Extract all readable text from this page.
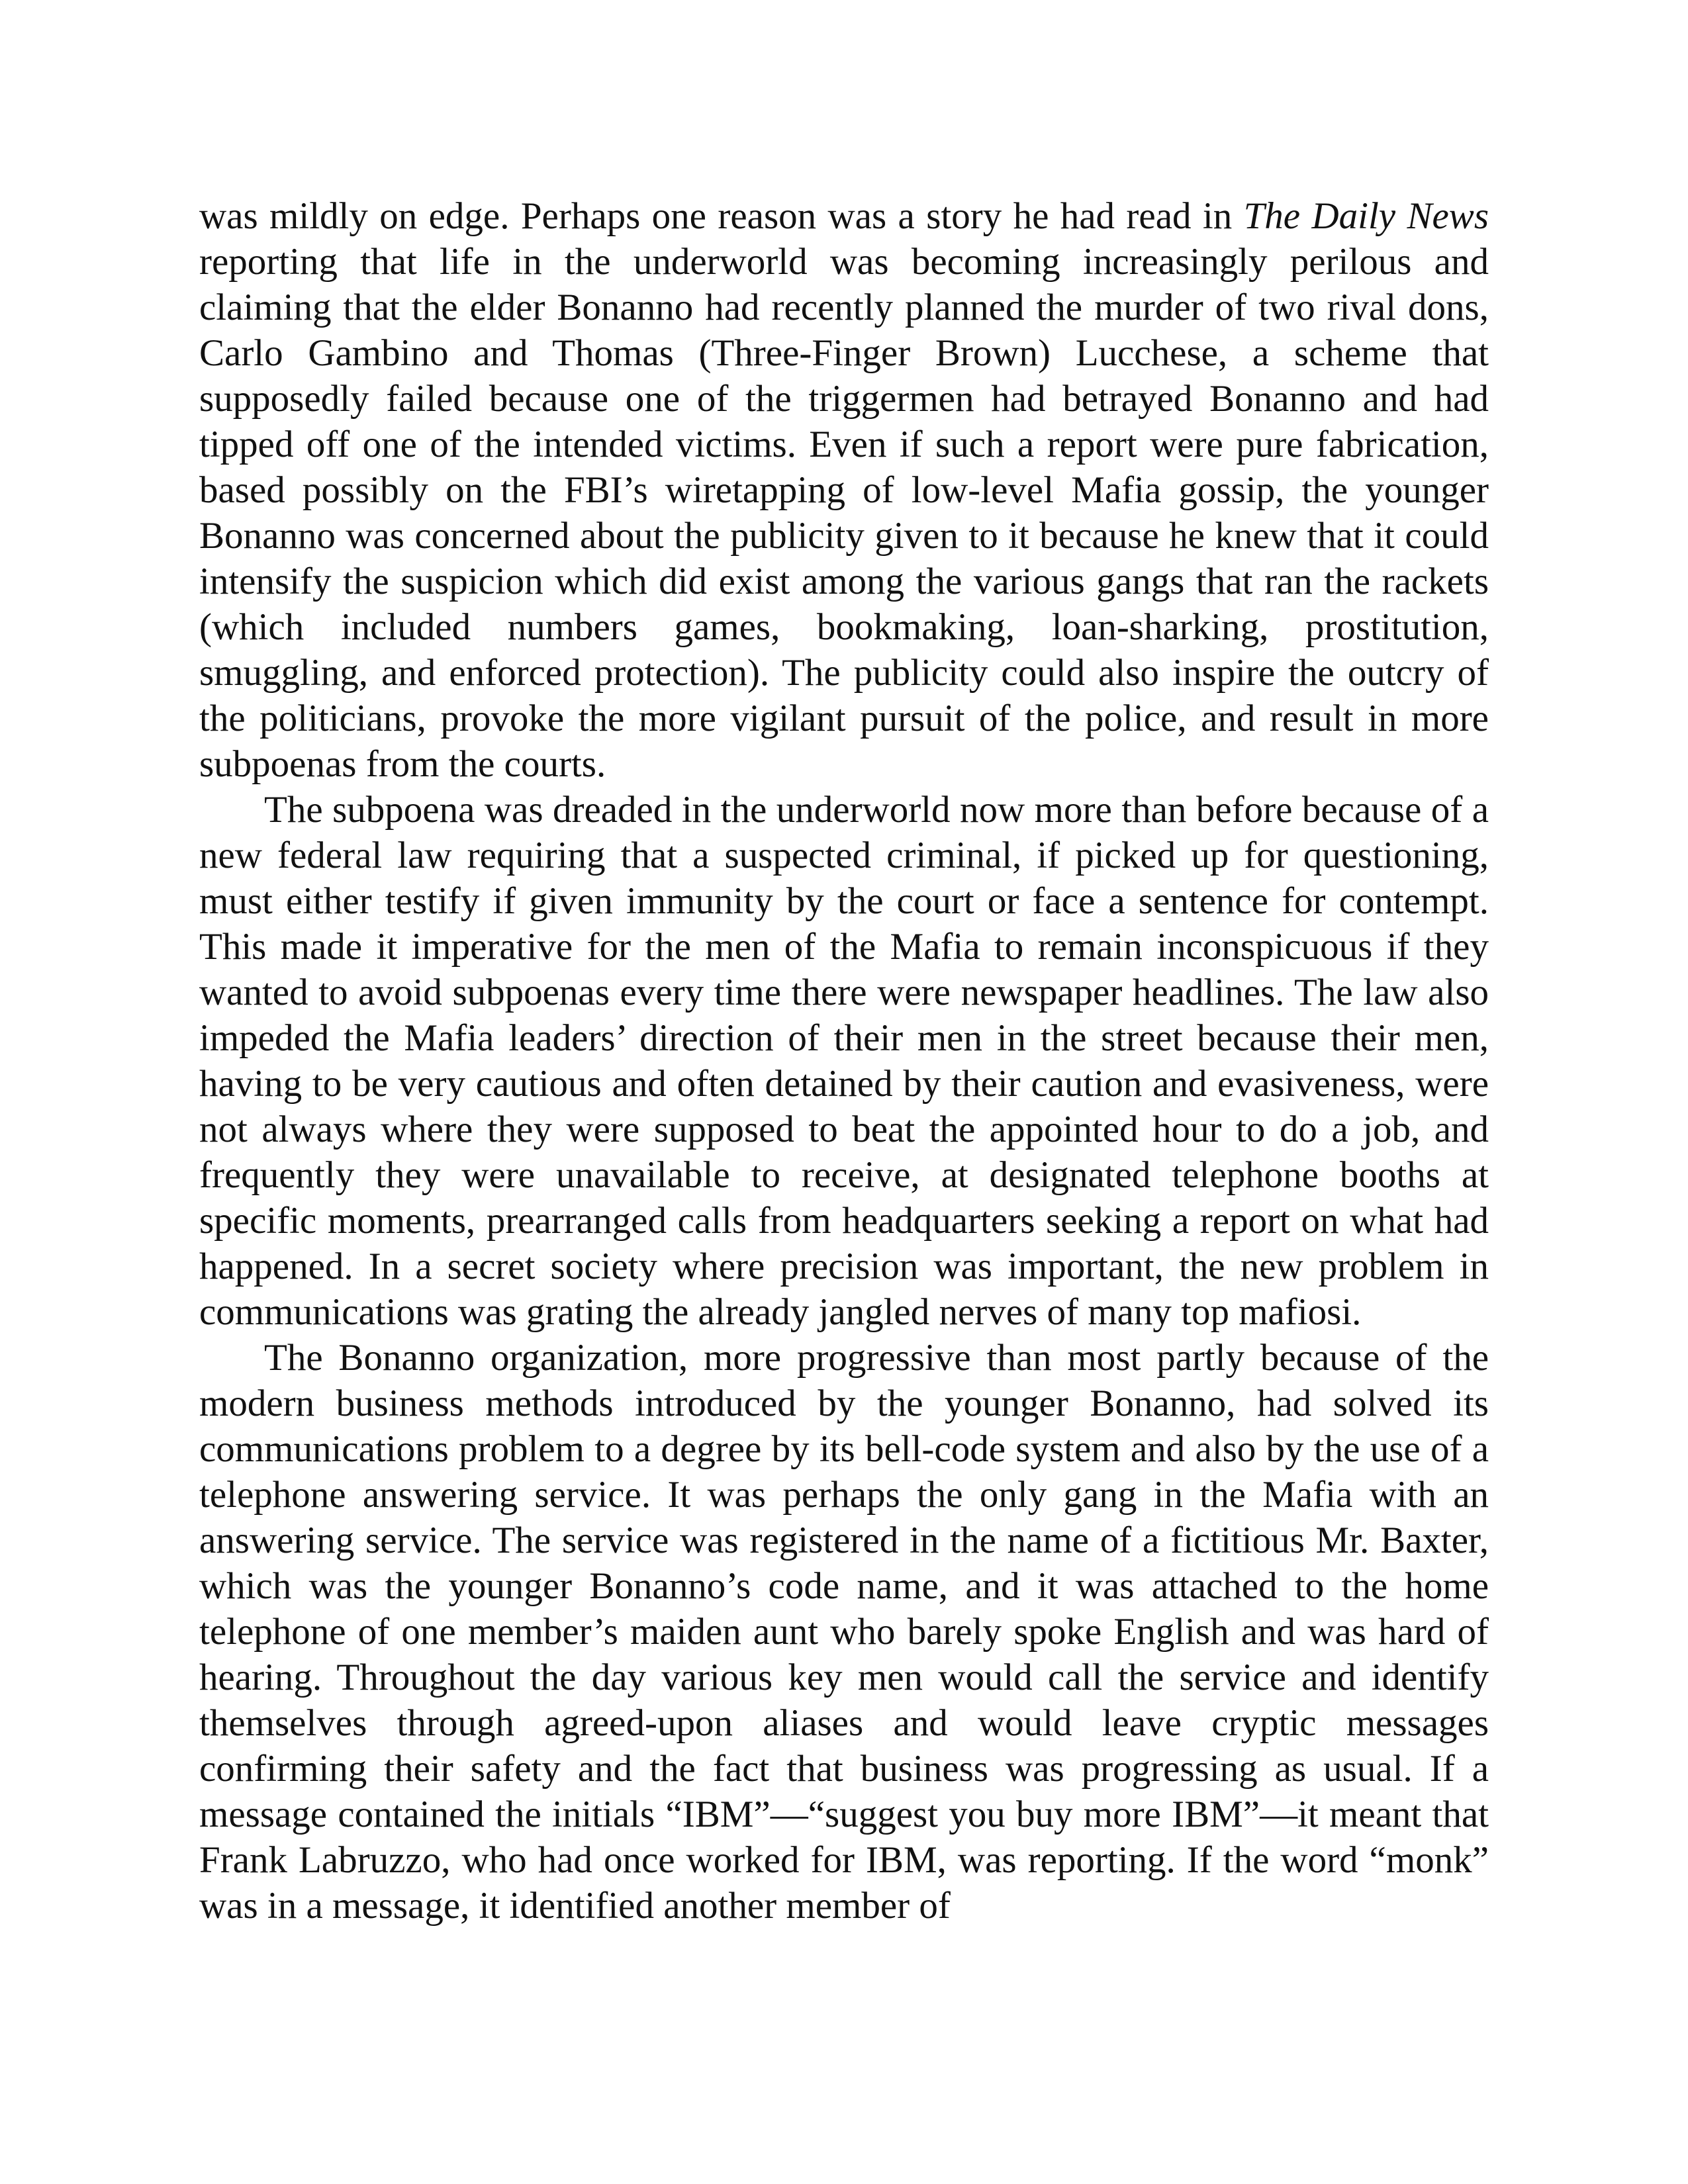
was mildly on edge. Perhaps one reason was a story he had read in The Daily News reporting that life in the underworld was becoming increasingly perilous and claiming that the elder Bonanno had recently planned the murder of two rival dons, Carlo Gambino and Thomas (Three-Finger Brown) Lucchese, a scheme that supposedly failed because one of the triggermen had betrayed Bonanno and had tipped off one of the intended victims. Even if such a report were pure fabrication, based possibly on the FBI’s wiretapping of low-level Mafia gossip, the younger Bonanno was concerned about the publicity given to it because he knew that it could intensify the suspicion which did exist among the various gangs that ran the rackets (which included numbers games, bookmaking, loan-sharking, prostitution, smuggling, and enforced protection). The publicity could also inspire the outcry of the politicians, provoke the more vigilant pursuit of the police, and result in more subpoenas from the courts.

The subpoena was dreaded in the underworld now more than before because of a new federal law requiring that a suspected criminal, if picked up for questioning, must either testify if given immunity by the court or face a sentence for contempt. This made it imperative for the men of the Mafia to remain inconspicuous if they wanted to avoid subpoenas every time there were newspaper headlines. The law also impeded the Mafia leaders’ direction of their men in the street because their men, having to be very cautious and often detained by their caution and evasiveness, were not always where they were supposed to beat the appointed hour to do a job, and frequently they were unavailable to receive, at designated telephone booths at specific moments, prearranged calls from headquarters seeking a report on what had happened. In a secret society where precision was important, the new problem in communications was grating the already jangled nerves of many top mafiosi.

The Bonanno organization, more progressive than most partly because of the modern business methods introduced by the younger Bonanno, had solved its communications problem to a degree by its bell-code system and also by the use of a telephone answering service. It was perhaps the only gang in the Mafia with an answering service. The service was registered in the name of a fictitious Mr. Baxter, which was the younger Bonanno’s code name, and it was attached to the home telephone of one member’s maiden aunt who barely spoke English and was hard of hearing. Throughout the day various key men would call the service and identify themselves through agreed-upon aliases and would leave cryptic messages confirming their safety and the fact that business was progressing as usual. If a message contained the initials “IBM”—“suggest you buy more IBM”—it meant that Frank Labruzzo, who had once worked for IBM, was reporting. If the word “monk” was in a message, it identified another member of
